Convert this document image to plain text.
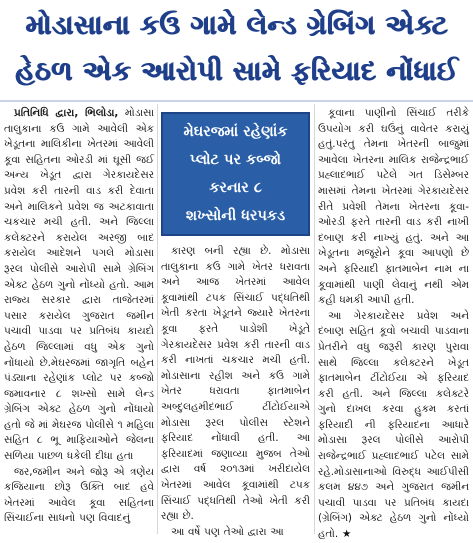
મોડાસાના કઉ ગામે લેન્ડ ગ્રેબિંગ એક્ટ
હેઠળ એક આરોપી સામે ફરિયાદ નોંધાઈ

પ્રતિનિધિ દ્વારા, ભિલોડા, મોડાસા તાલુકાના કઉ ગામે આવેલી એક ખેડૂતના માલિકીના ખેતરમાં આવેલી કૂવા સહિતના ઓરડી માં ઘૂસી જઈ અન્ય ખેડૂત દ્વારા ગેરકાયદેસર પ્રવેશ કરી તારની વાડ કરી દેવાતા અને માલિકને પ્રવેશ જ અટકાવાતા ચકચાર મચી હતી. અને જિલ્લા કલેક્ટરને કરાયેલ અરજી બાદ કરાયેલ આદેશને પગલે મોડાસા રૂરલ પોલીસે આરોપી સામે ગ્રેબિંગ એક્ટ હેઠળ ગુનો નોંધ્યો હતો. આમ રાજ્ય સરકાર દ્વારા તાજેતરમાં પસાર કરાયેલ ગુજરાત જમીન પચાવી પાડવા પર પ્રતિબંધ કાયદો હેઠળ જિલ્લામાં વધુ એક ગુનો નોંધાયો છે.મેઘરજમાં જાગૃતિ બહેન પંડ્યાના રહેણાંક પ્લોટ પર કબ્જો જમાવનાર ૮ શખ્સો સામે લેન્ડ ગ્રેબિંગ એક્ટ હેઠળ ગુનો નોંધાયો હતો જે માં મેઘરજ પોલીસે ૧ મહિલા સહિત ૮ ભૂ માફિયાઓને જેલના સળિયા પાછળ ધકેલી દીધા હતા

જર,જમીન અને જોરૂ એ ત્રણેય કજિયાના છોરૂ ઉક્તિ બાદ હવે ખેતરમાં આવેલ કૂવા સહિતના સિંચાઈના સાધનો પણ વિવાદનું

મેઘરજમાં રહેણાંક
પ્લોટ પર કબ્જો
કરનાર ૮
શખ્સોની ધરપકડ

કારણ બની રહ્યા છે. મોડાસા તાલુકાના કઉ ગામે ખેતર ધરાવતા અને આજ ખેતરમાં આવેલ કૂવામાંથી ટપક સિંચાઈ પદ્ધતિથી ખેતી કરતા ખેડૂતને જ્યારે ખેતરના કૂવા ફરતે પાડોશી ખેડૂતે ગેરકાયદેસર પ્રવેશ કરી તારની વાડ કરી નાખતાં ચકચાર મચી હતી. મોડાસાના રહીશ અને કઉ ગામે ખેતર ધરાવતા ફાતમાબેન અબ્દુલહમીદભાઈ ટીંટોઈયાએ મોડાસા રૂરલ પોલીસ સ્ટેશને ફરિયાદ નોંધાવી હતી. આ ફરિયાદમાં જણાવ્યા મુજબ તેઓ દ્વારા વર્ષ ૨૦૧૩માં ખરીદાયેલ ખેતરમાં આવેલ કૂવામાંથી ટપક સિંચાઈ પદ્ધતિથી તેઓ ખેતી કરી રહ્યા છે.

આ વર્ષે પણ તેઓ દ્વારા આ

કૂવાના પાણીનો સિંચાઈ તરીકે ઉપયોગ કરી ઘઉંનું વાવેતર કરાયું હતું.પરંતુ તેમના ખેતરની બાજુમાં આવેલા ખેતરના માલિક રાજેન્દ્રભાઈ પ્રહ્લાદભાઈ પટેલે ગત ડિસેમ્બર માસમાં તેમના ખેતરમાં ગેરકાયદેસર રીતે પ્રવેશી તેમના ખેતરના કૂવા-ઓરડી ફરતે તારની વાડ કરી નાખી દબાણ કરી નાખ્યું હતું. અને આ ખેડૂતના મજૂરોને કૂવા આપણો છે અને ફરિયાદી ફાતમાબેન નામ ના કૂવામાંથી પાણી લેવાનું નથી એમ કહી ધમકી આપી હતી.

આ ગેરકાયદેસર પ્રવેશ અને દબાણ સહિત કૂવો બચાવી પાડવાના પ્રેતરીને વધુ જરૂરી કારણ પુરાવા સાથે જિલ્લા કલેક્ટરને ખેડૂત ફાતમાબેન ટીંટોઈયા એ ફરિયાદ કરી હતી. અને જિલ્લા કલેક્ટરે ગુનો દાખલ કરવા હુકમ કરતાં ફરિયાદી ની ફરિયાદના આધારે મોડાસા રૂરલ પોલીસે આરોપી રાજેન્દ્રભાઈ પ્રહ્લાદભાઈ પટેલ સામે રહે.મોડાસાનાઓ વિરુદ્ધ આઈપીસી કલમ ૪૪૭ અને ગુજરાત જમીન પચાવી પાડવા પર પ્રતિબંધ કાયદા (ગ્રેબિંગ) એક્ટ હેઠળ ગુનો નોંધ્યો હતો. ★
